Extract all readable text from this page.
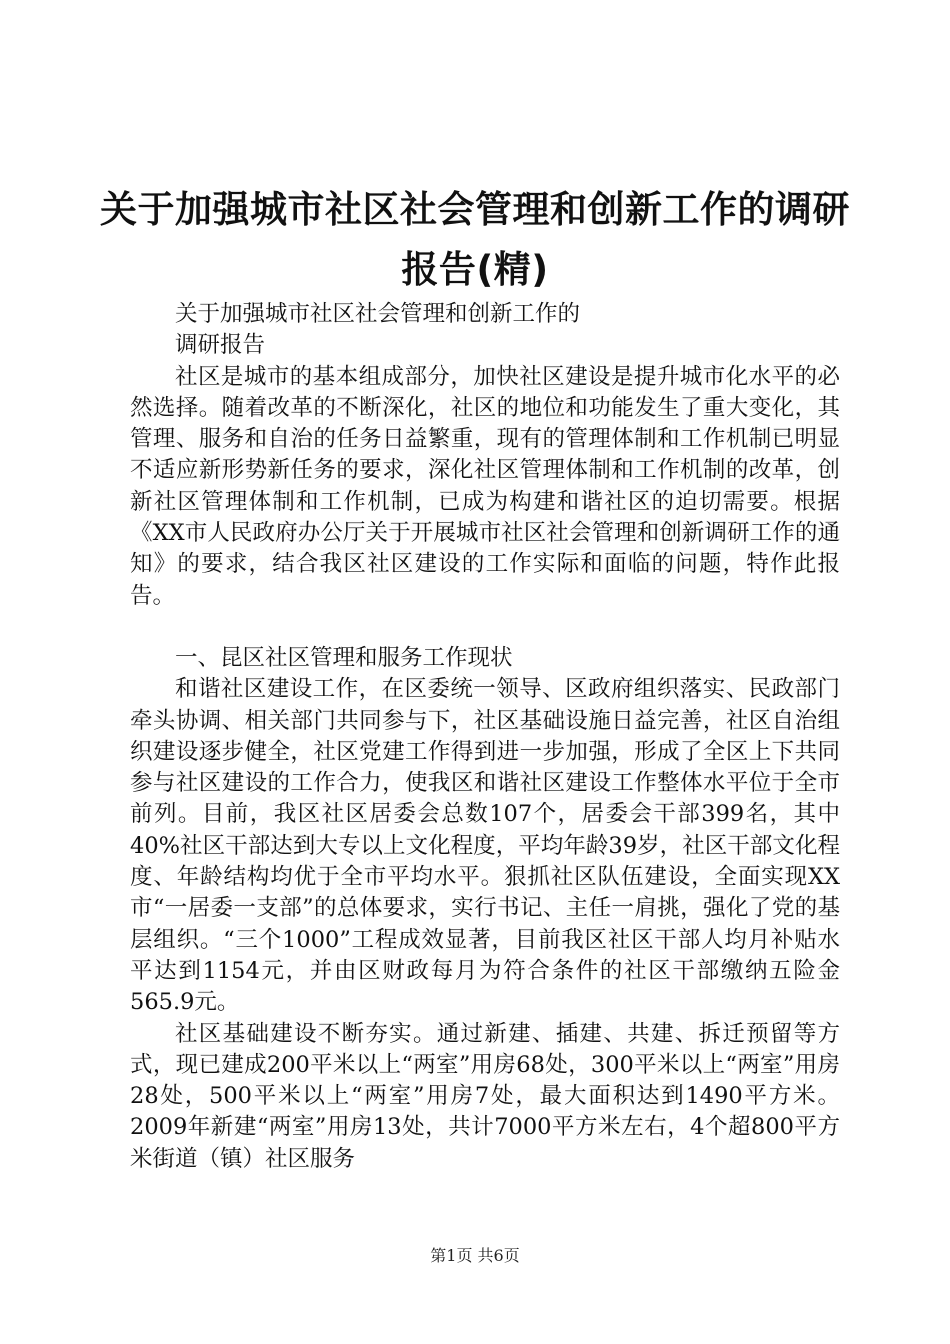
关于加强城市社区社会管理和创新工作的调研
报告(精)

关于加强城市社区社会管理和创新工作的

调研报告

社区是城市的基本组成部分，加快社区建设是提升城市化水平的必然选择。随着改革的不断深化，社区的地位和功能发生了重大变化，其管理、服务和自治的任务日益繁重，现有的管理体制和工作机制已明显不适应新形势新任务的要求，深化社区管理体制和工作机制的改革，创新社区管理体制和工作机制，已成为构建和谐社区的迫切需要。根据《XX市人民政府办公厅关于开展城市社区社会管理和创新调研工作的通知》的要求，结合我区社区建设的工作实际和面临的问题，特作此报告。

一、昆区社区管理和服务工作现状

和谐社区建设工作，在区委统一领导、区政府组织落实、民政部门牵头协调、相关部门共同参与下，社区基础设施日益完善，社区自治组织建设逐步健全，社区党建工作得到进一步加强，形成了全区上下共同参与社区建设的工作合力，使我区和谐社区建设工作整体水平位于全市前列。目前，我区社区居委会总数107个，居委会干部399名，其中40%社区干部达到大专以上文化程度，平均年龄39岁，社区干部文化程度、年龄结构均优于全市平均水平。狠抓社区队伍建设，全面实现XX市“一居委一支部”的总体要求，实行书记、主任一肩挑，强化了党的基层组织。“三个1000”工程成效显著，目前我区社区干部人均月补贴水平达到1154元，并由区财政每月为符合条件的社区干部缴纳五险金565.9元。

社区基础建设不断夯实。通过新建、插建、共建、拆迁预留等方式，现已建成200平米以上“两室”用房68处，300平米以上“两室”用房28处，500平米以上“两室”用房7处，最大面积达到1490平方米。2009年新建“两室”用房13处，共计7000平方米左右，4个超800平方米街道（镇）社区服务

第1页 共6页
